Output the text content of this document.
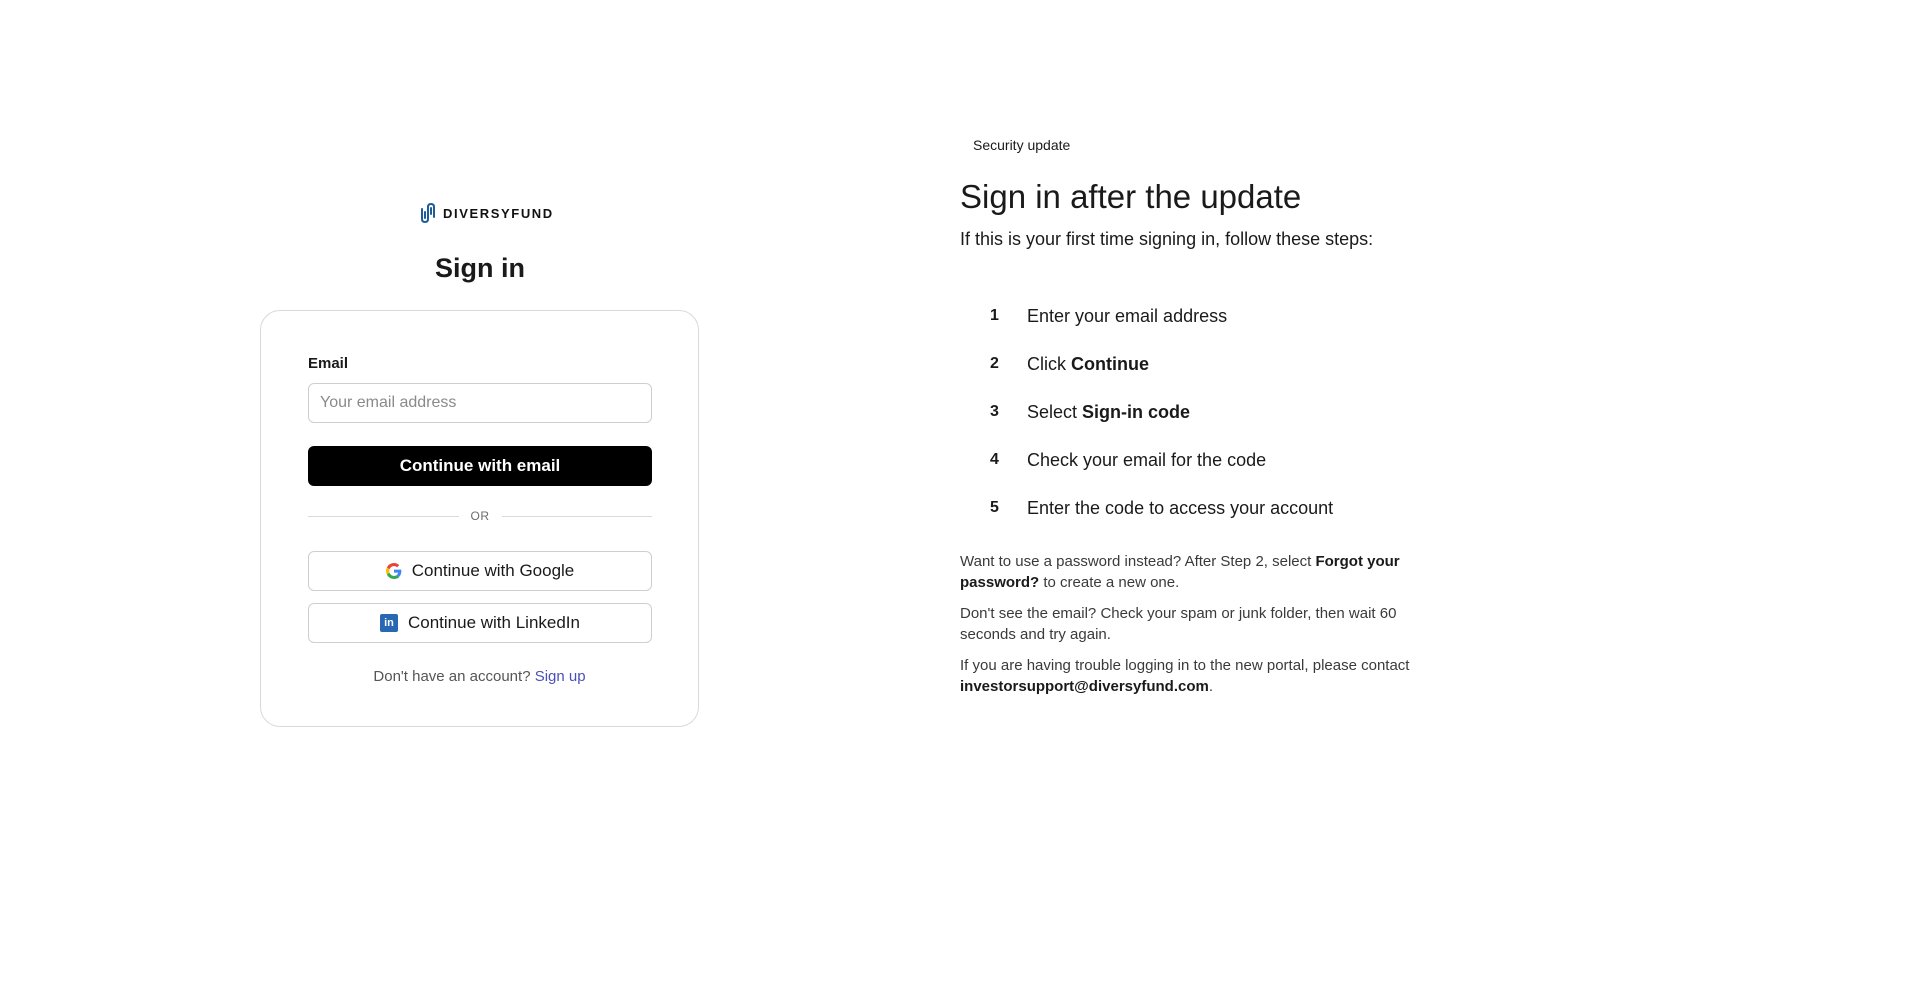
DIVERSYFUND
Sign in
Email
Your email address
Continue with email
OR
Continue with Google
in Continue with LinkedIn
Don't have an account? Sign up
Security update
Sign in after the update

If this is your first time signing in, follow these steps:

1	Enter your email address
2	Click Continue
3	Select Sign-in code
4	Check your email for the code
5	Enter the code to access your account

Want to use a password instead? After Step 2, select Forgot your password? to create a new one.

Don't see the email? Check your spam or junk folder, then wait 60 seconds and try again.

If you are having trouble logging in to the new portal, please contact investorsupport@diversyfund.com.
